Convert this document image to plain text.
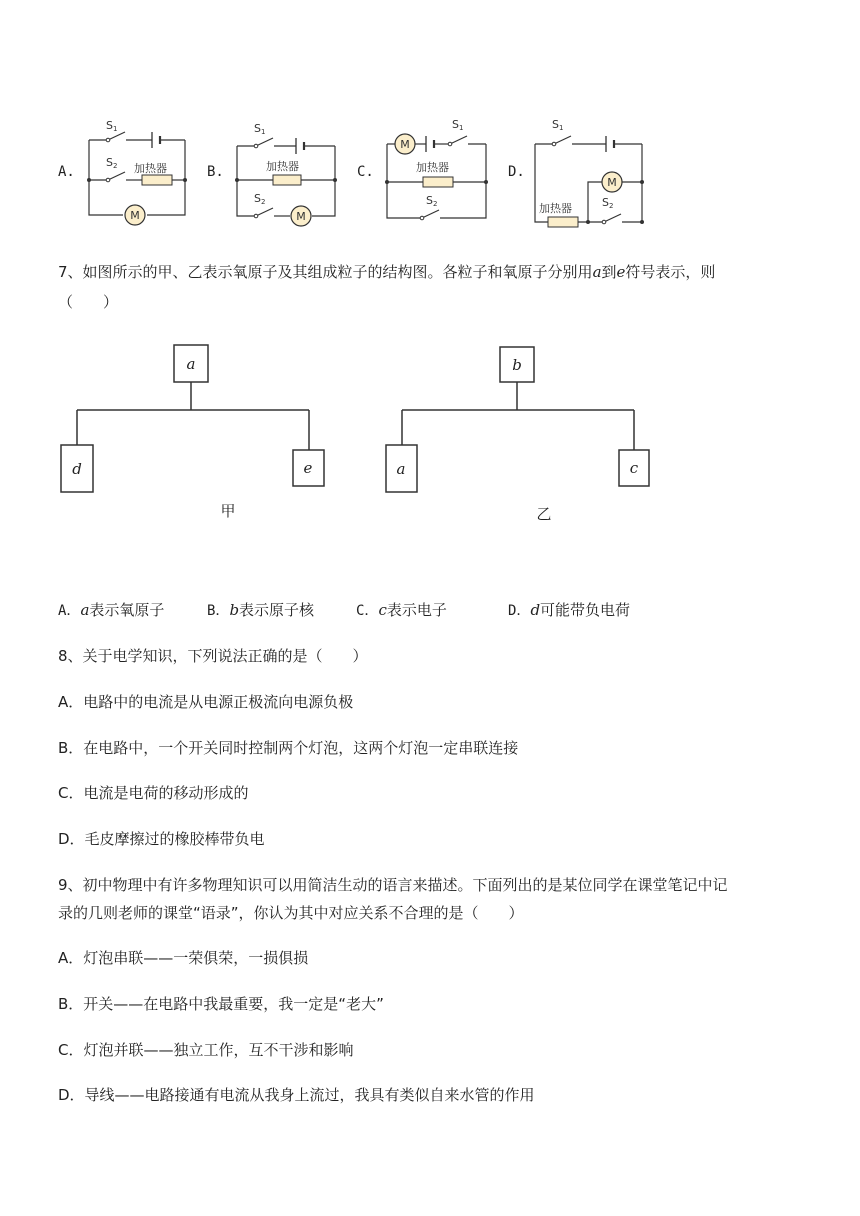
A.
M
加热器
S 1
S 2	B.
M
加热器
S 1
S 2
C.
M
加热器
S 1
S 2
D.
M
加热器
S 1
S 2
7、如图所示的甲、乙表示氧原子及其组成粒子的结构图。各粒子和氧原子分别用a到e符号表示，则
（　　）
a
d	e
甲
b
a	c
乙
A．a表示氧原子	B．b表示原子核	C．c表示电子	D．d可能带负电荷
8、关于电学知识，下列说法正确的是（　　）
A．电路中的电流是从电源正极流向电源负极
B．在电路中，一个开关同时控制两个灯泡，这两个灯泡一定串联连接
C．电流是电荷的移动形成的
D．毛皮摩擦过的橡胶棒带负电
9、初中物理中有许多物理知识可以用简洁生动的语言来描述。下面列出的是某位同学在课堂笔记中记
录的几则老师的课堂“语录”，你认为其中对应关系不合理的是（　　）
A．灯泡串联——一荣俱荣，一损俱损
B．开关——在电路中我最重要，我一定是“老大”
C．灯泡并联——独立工作，互不干涉和影响
D．导线——电路接通有电流从我身上流过，我具有类似自来水管的作用
